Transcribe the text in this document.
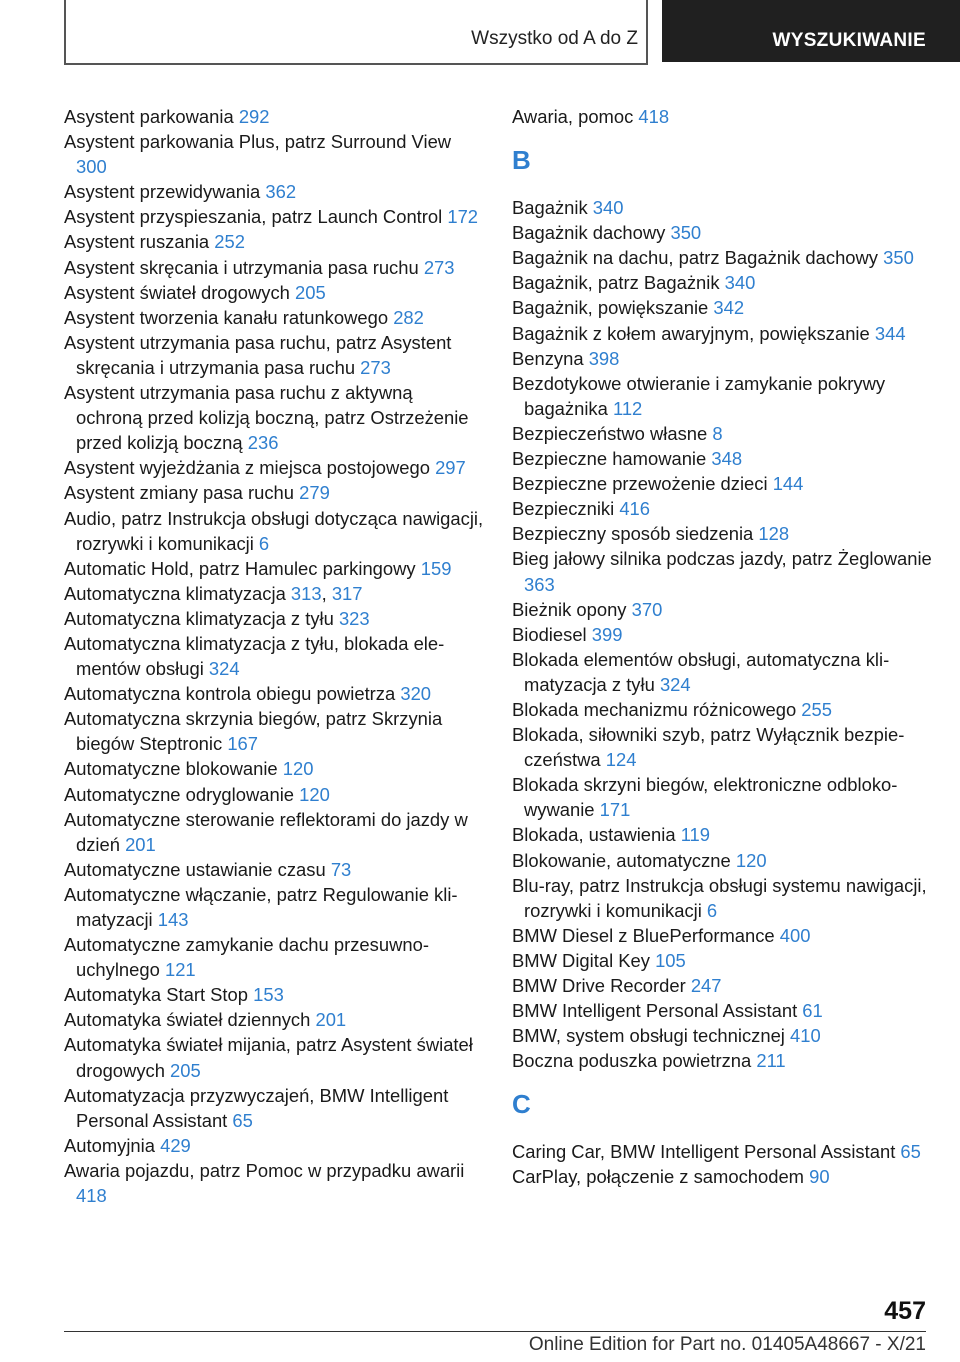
Wszystko od A do Z	WYSZUKIWANIE

Asystent parkowania 292

Asystent parkowania Plus, patrz Surround View 300

Asystent przewidywania 362

Asystent przyspieszania, patrz Launch Control 172

Asystent ruszania 252

Asystent skręcania i utrzymania pasa ruchu 273

Asystent świateł drogowych 205

Asystent tworzenia kanału ratunkowego 282

Asystent utrzymania pasa ruchu, patrz Asystent skręcania i utrzymania pasa ruchu 273

Asystent utrzymania pasa ruchu z aktywną ochroną przed kolizją boczną, patrz Ostrzeżenie przed kolizją boczną 236

Asystent wyjeżdżania z miejsca postojowego 297

Asystent zmiany pasa ruchu 279

Audio, patrz Instrukcja obsługi dotycząca nawigacji, rozrywki i komunikacji 6

Automatic Hold, patrz Hamulec parkingowy 159

Automatyczna klimatyzacja 313, 317

Automatyczna klimatyzacja z tyłu 323

Automatyczna klimatyzacja z tyłu, blokada elementów obsługi 324

Automatyczna kontrola obiegu powietrza 320

Automatyczna skrzynia biegów, patrz Skrzynia biegów Steptronic 167

Automatyczne blokowanie 120

Automatyczne odryglowanie 120

Automatyczne sterowanie reflektorami do jazdy w dzień 201

Automatyczne ustawianie czasu 73

Automatyczne włączanie, patrz Regulowanie klimatyzacji 143

Automatyczne zamykanie dachu przesuwnouchylnego 121

Automatyka Start Stop 153

Automatyka świateł dziennych 201

Automatyka świateł mijania, patrz Asystent świateł drogowych 205

Automatyzacja przyzwyczajeń, BMW Intelligent Personal Assistant 65

Automyjnia 429

Awaria pojazdu, patrz Pomoc w przypadku awarii 418

Awaria, pomoc 418

B

Bagażnik 340

Bagażnik dachowy 350

Bagażnik na dachu, patrz Bagażnik dachowy 350

Bagażnik, patrz Bagażnik 340

Bagażnik, powiększanie 342

Bagażnik z kołem awaryjnym, powiększanie 344

Benzyna 398

Bezdotykowe otwieranie i zamykanie pokrywy bagażnika 112

Bezpieczeństwo własne 8

Bezpieczne hamowanie 348

Bezpieczne przewożenie dzieci 144

Bezpieczniki 416

Bezpieczny sposób siedzenia 128

Bieg jałowy silnika podczas jazdy, patrz Żeglowanie 363

Bieżnik opony 370

Biodiesel 399

Blokada elementów obsługi, automatyczna klimatyzacja z tyłu 324

Blokada mechanizmu różnicowego 255

Blokada, siłowniki szyb, patrz Wyłącznik bezpieczeństwa 124

Blokada skrzyni biegów, elektroniczne odblokowywanie 171

Blokada, ustawienia 119

Blokowanie, automatyczne 120

Blu-ray, patrz Instrukcja obsługi systemu nawigacji, rozrywki i komunikacji 6

BMW Diesel z BluePerformance 400

BMW Digital Key 105

BMW Drive Recorder 247

BMW Intelligent Personal Assistant 61

BMW, system obsługi technicznej 410

Boczna poduszka powietrzna 211

C

Caring Car, BMW Intelligent Personal Assistant 65

CarPlay, połączenie z samochodem 90

457
Online Edition for Part no. 01405A48667 - X/21
